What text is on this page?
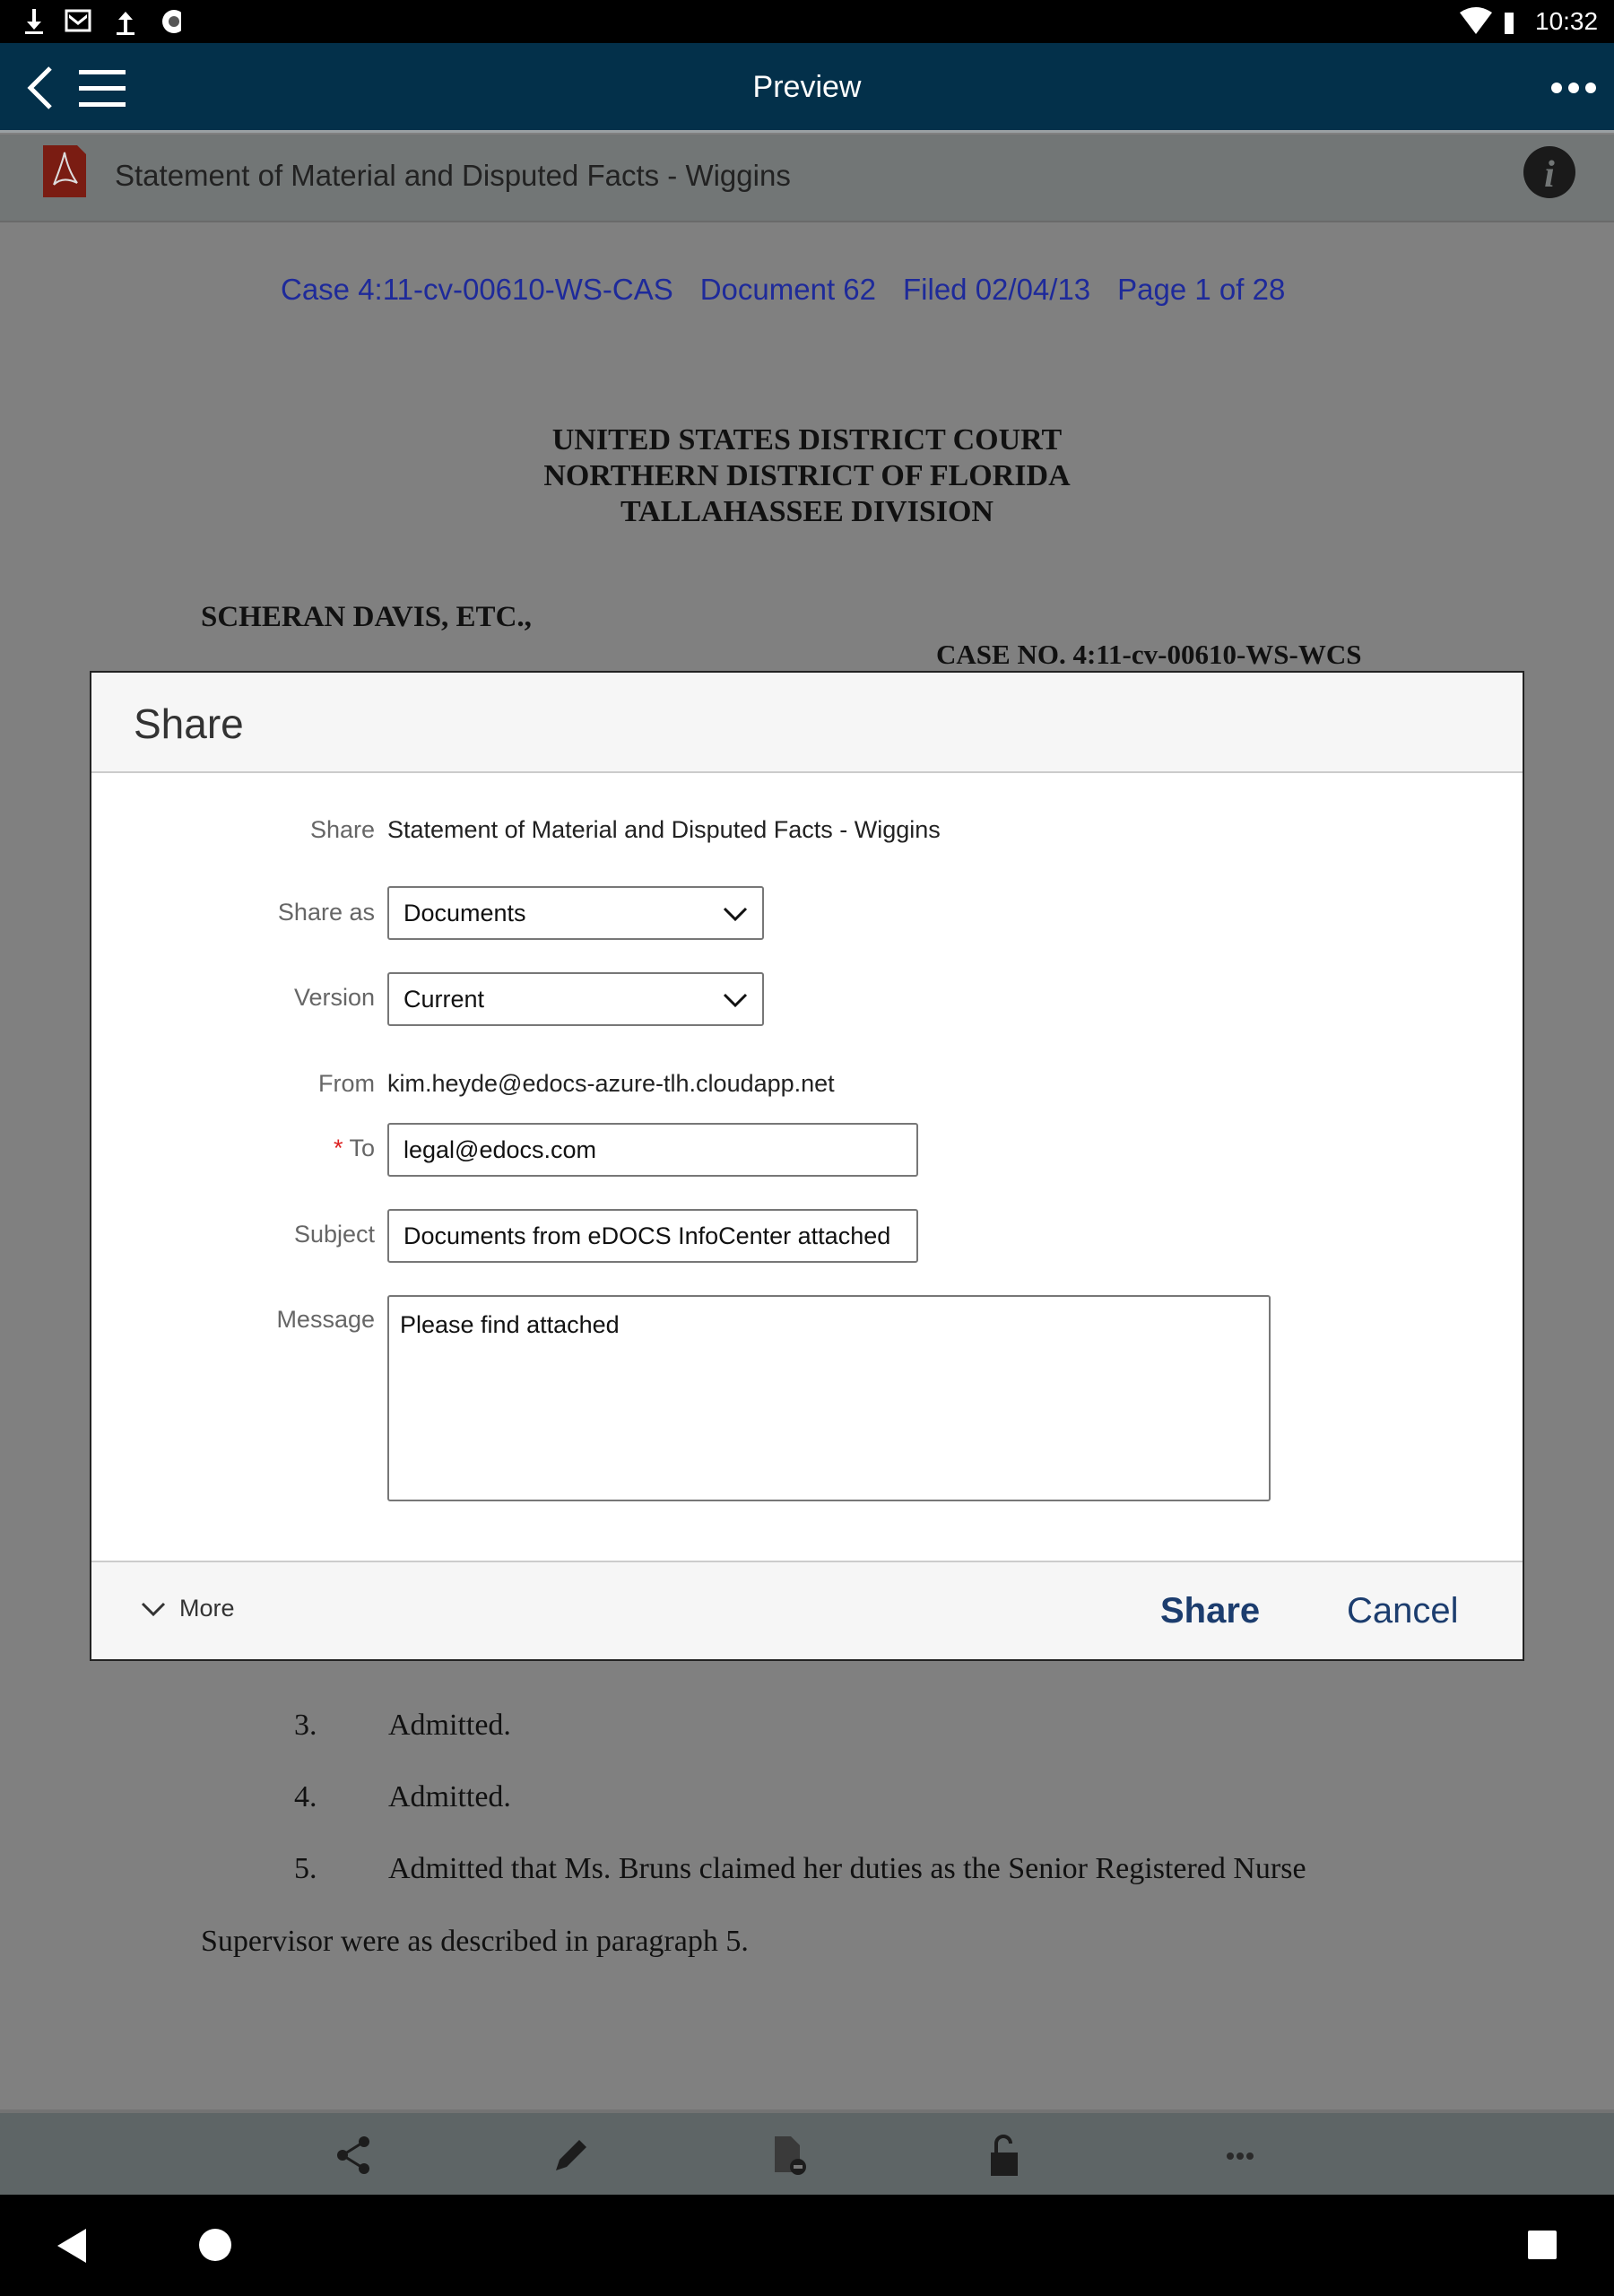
10:32
Preview
Statement of Material and Disputed Facts - Wiggins	i
Case 4:11-cv-00610-WS-CAS Document 62 Filed 02/04/13 Page 1 of 28
UNITED STATES DISTRICT COURT
NORTHERN DISTRICT OF FLORIDA
TALLAHASSEE DIVISION
SCHERAN DAVIS, ETC.,
CASE NO. 4:11-cv-00610-WS-WCS
3. Admitted.
4. Admitted.
5. Admitted that Ms. Bruns claimed her duties as the Senior Registered Nurse
Supervisor were as described in paragraph 5.
Share
Share Statement of Material and Disputed Facts - Wiggins
Share as Documents
Version Current
From kim.heyde@edocs-azure-tlh.cloudapp.net
* To legal@edocs.com
Subject Documents from eDOCS InfoCenter attached
Message Please find attached
More	Share Cancel
